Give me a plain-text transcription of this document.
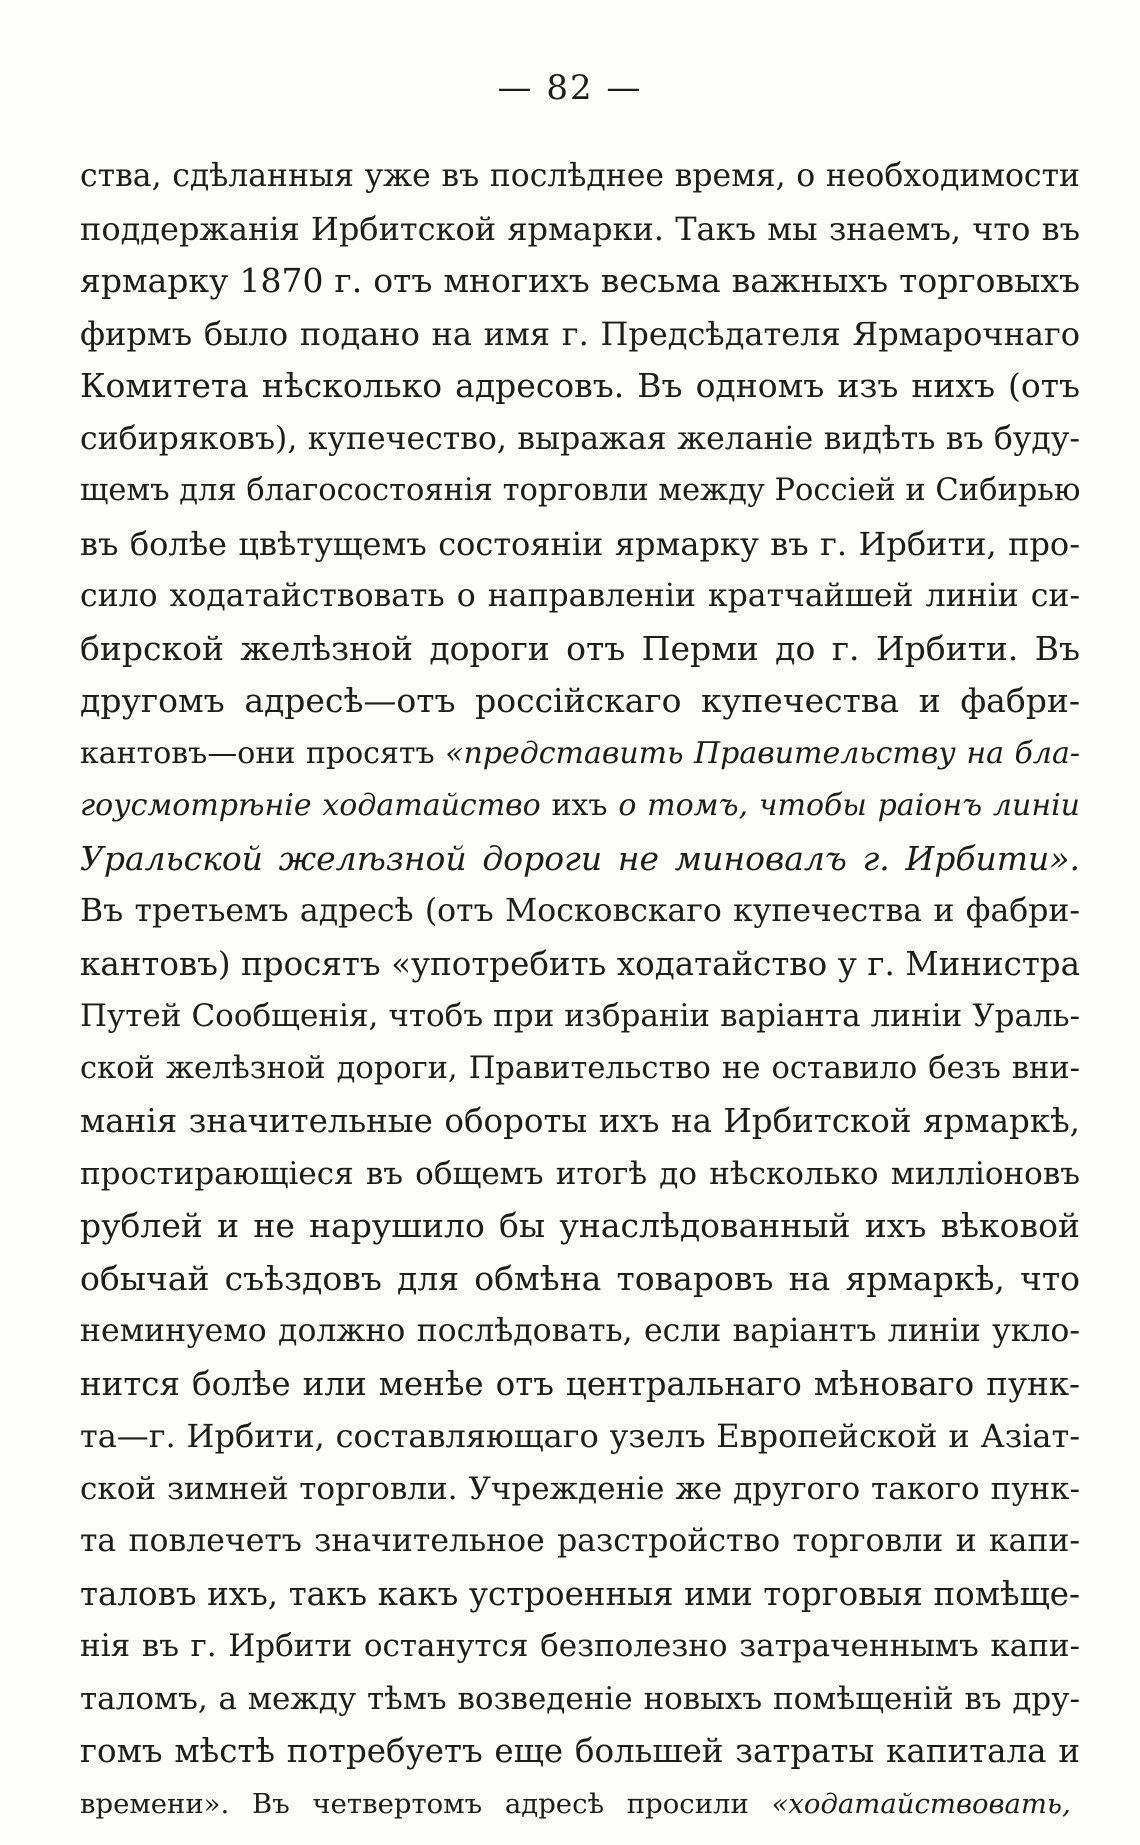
— 82 —
ства, сдѣланныя уже въ послѣднее время, о необходимости
поддержанія Ирбитской ярмарки. Такъ мы знаемъ, что въ
ярмарку 1870 г. отъ многихъ весьма важныхъ торговыхъ
фирмъ было подано на имя г. Предсѣдателя Ярмарочнаго
Комитета нѣсколько адресовъ. Въ одномъ изъ нихъ (отъ
сибиряковъ), купечество, выражая желаніе видѣть въ буду-
щемъ для благосостоянія торговли между Россіей и Сибирью
въ болѣе цвѣтущемъ состояніи ярмарку въ г. Ирбити, про-
сило ходатайствовать о направленіи кратчайшей линіи си-
бирской желѣзной дороги отъ Перми до г. Ирбити. Въ
другомъ адресѣ—отъ россійскаго купечества и фабри-
кантовъ—они просятъ «представить Правительству на бла-
гоусмотрѣніе ходатайство ихъ о томъ, чтобы раіонъ линіи
Уральской желѣзной дороги не миновалъ г. Ирбити».
Въ третьемъ адресѣ (отъ Московскаго купечества и фабри-
кантовъ) просятъ «употребить ходатайство у г. Министра
Путей Сообщенія, чтобъ при избраніи варіанта линіи Ураль-
ской желѣзной дороги, Правительство не оставило безъ вни-
манія значительные обороты ихъ на Ирбитской ярмаркѣ,
простирающіеся въ общемъ итогѣ до нѣсколько милліоновъ
рублей и не нарушило бы унаслѣдованный ихъ вѣковой
обычай съѣздовъ для обмѣна товаровъ на ярмаркѣ, что
неминуемо должно послѣдовать, если варіантъ линіи укло-
нится болѣе или менѣе отъ центральнаго мѣноваго пунк-
та—г. Ирбити, составляющаго узелъ Европейской и Азіат-
ской зимней торговли. Учрежденіе же другого такого пунк-
та повлечетъ значительное разстройство торговли и капи-
таловъ ихъ, такъ какъ устроенныя ими торговыя помѣще-
нія въ г. Ирбити останутся безполезно затраченнымъ капи-
таломъ, а между тѣмъ возведеніе новыхъ помѣщеній въ дру-
гомъ мѣстѣ потребуетъ еще большей затраты капитала и
времени». Въ четвертомъ адресѣ просили «ходатайствовать,
